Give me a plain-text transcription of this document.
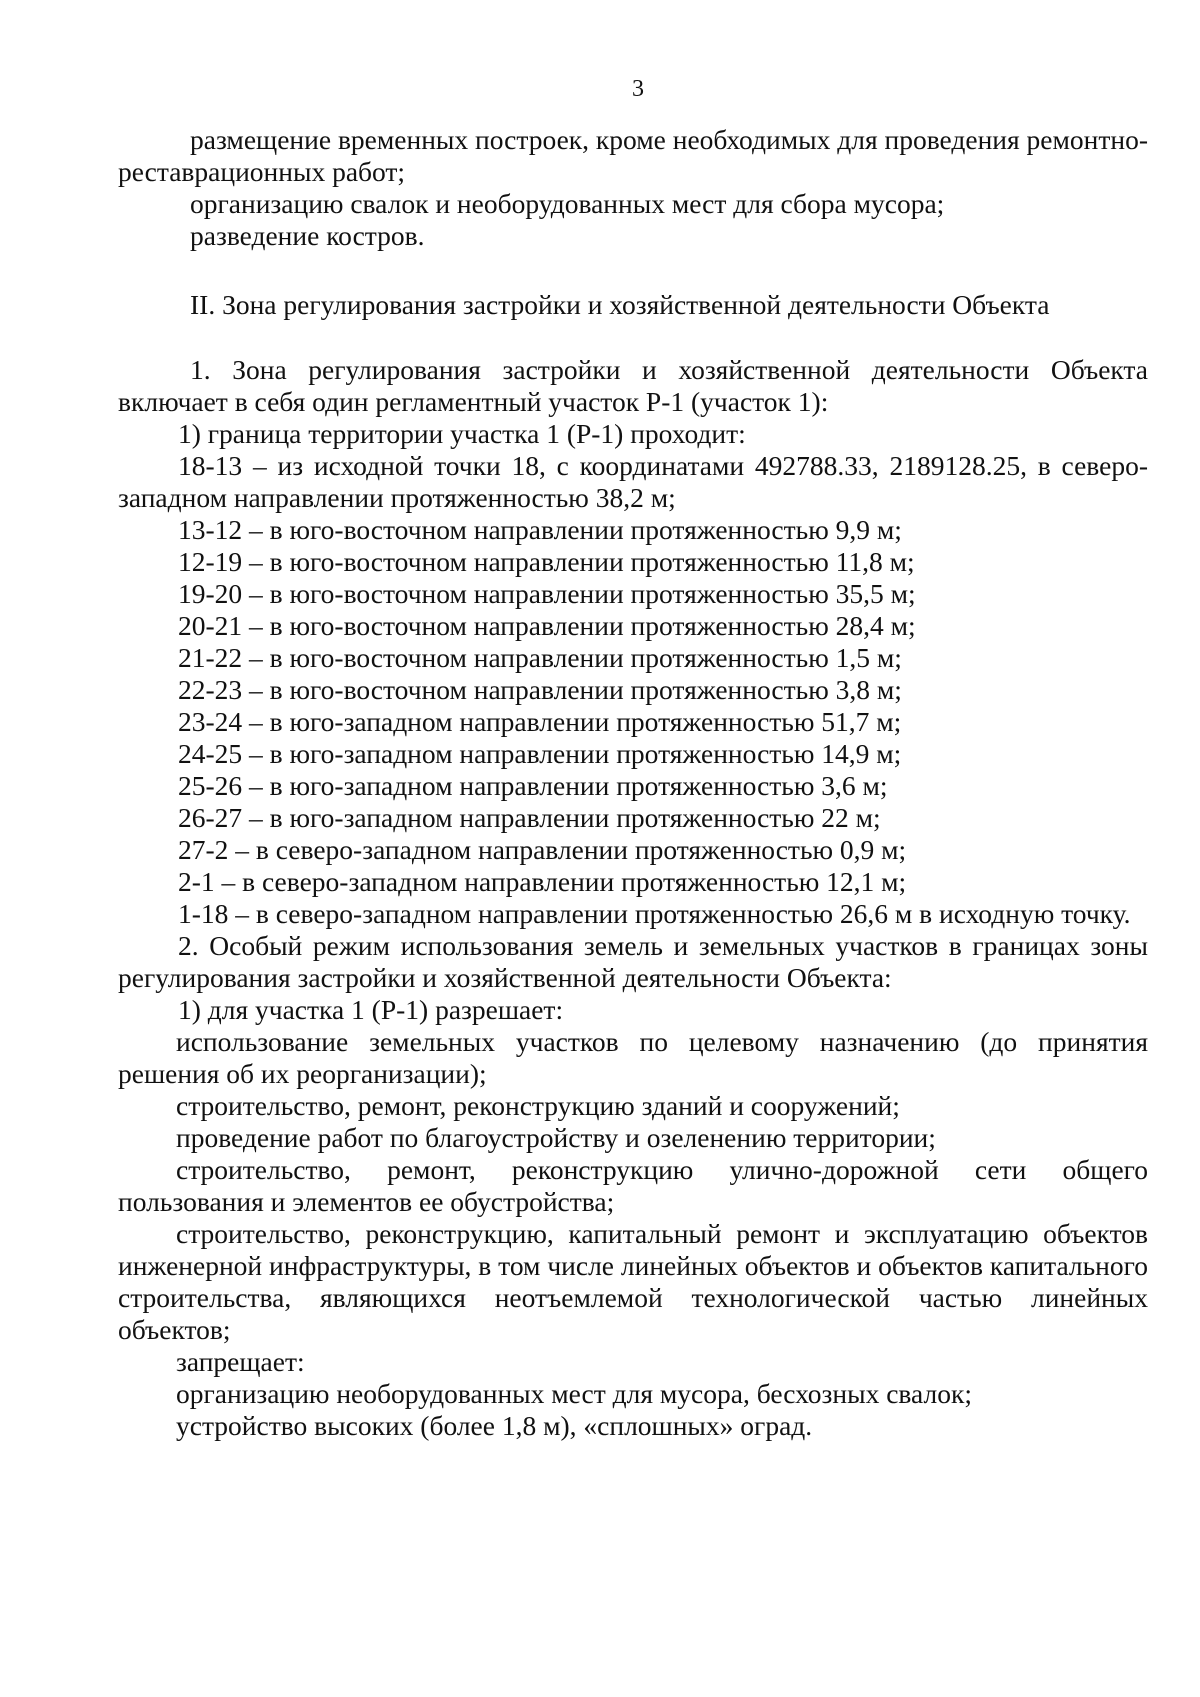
3

размещение временных построек, кроме необходимых для проведения ремонтно-реставрационных работ;

организацию свалок и необорудованных мест для сбора мусора;

разведение костров.

II. Зона регулирования застройки и хозяйственной деятельности Объекта

1. Зона регулирования застройки и хозяйственной деятельности Объекта включает в себя один регламентный участок Р-1 (участок 1):

1) граница территории участка 1 (Р-1) проходит:

18-13 – из исходной точки 18, с координатами 492788.33, 2189128.25, в северо-западном направлении протяженностью 38,2 м;

13-12 – в юго-восточном направлении протяженностью 9,9 м;

12-19 – в юго-восточном направлении протяженностью 11,8 м;

19-20 – в юго-восточном направлении протяженностью 35,5 м;

20-21 – в юго-восточном направлении протяженностью 28,4 м;

21-22 – в юго-восточном направлении протяженностью 1,5 м;

22-23 – в юго-восточном направлении протяженностью 3,8 м;

23-24 – в юго-западном направлении протяженностью 51,7 м;

24-25 – в юго-западном направлении протяженностью 14,9 м;

25-26 – в юго-западном направлении протяженностью 3,6 м;

26-27 – в юго-западном направлении протяженностью 22 м;

27-2 – в северо-западном направлении протяженностью 0,9 м;

2-1 – в северо-западном направлении протяженностью 12,1 м;

1-18 – в северо-западном направлении протяженностью 26,6 м в исходную точку.

2. Особый режим использования земель и земельных участков в границах зоны регулирования застройки и хозяйственной деятельности Объекта:

1) для участка 1 (Р-1) разрешает:

использование земельных участков по целевому назначению (до принятия решения об их реорганизации);

строительство, ремонт, реконструкцию зданий и сооружений;

проведение работ по благоустройству и озеленению территории;

строительство, ремонт, реконструкцию улично-дорожной сети общего пользования и элементов ее обустройства;

строительство, реконструкцию, капитальный ремонт и эксплуатацию объектов инженерной инфраструктуры, в том числе линейных объектов и объектов капитального строительства, являющихся неотъемлемой технологической частью линейных объектов;

запрещает:

организацию необорудованных мест для мусора, бесхозных свалок;

устройство высоких (более 1,8 м), «сплошных» оград.
